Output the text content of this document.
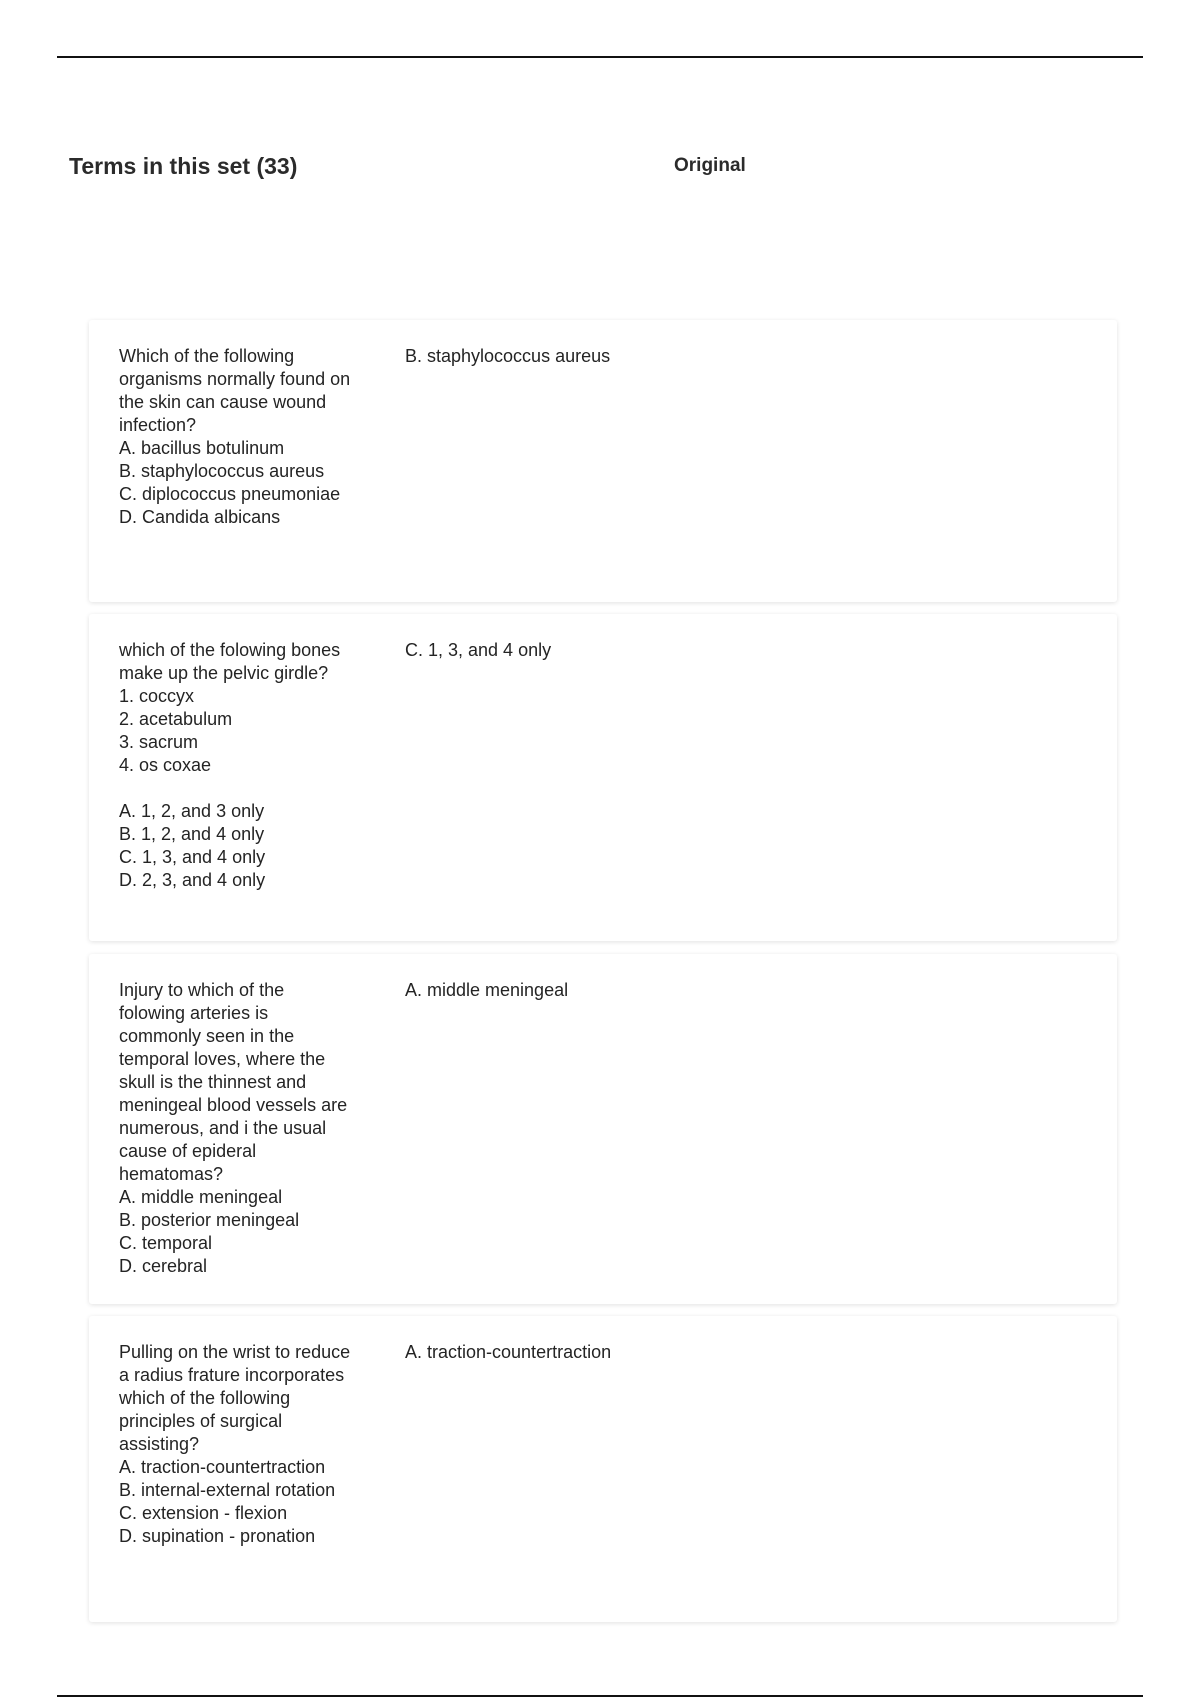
Terms in this set (33)	Original
Which of the following organisms normally found on the skin can cause wound infection?
A. bacillus botulinum
B. staphylococcus aureus
C. diplococcus pneumoniae
D. Candida albicans
B. staphylococcus aureus
which of the folowing bones make up the pelvic girdle?
1. coccyx
2. acetabulum
3. sacrum
4. os coxae

A. 1, 2, and 3 only
B. 1, 2, and 4 only
C. 1, 3, and 4 only
D. 2, 3, and 4 only
C. 1, 3, and 4 only
Injury to which of the folowing arteries is commonly seen in the temporal loves, where the skull is the thinnest and meningeal blood vessels are numerous, and i the usual cause of epideral hematomas?
A. middle meningeal
B. posterior meningeal
C. temporal
D. cerebral
A. middle meningeal
Pulling on the wrist to reduce a radius frature incorporates which of the following principles of surgical assisting?
A. traction-countertraction
B. internal-external rotation
C. extension - flexion
D. supination - pronation
A. traction-countertraction
